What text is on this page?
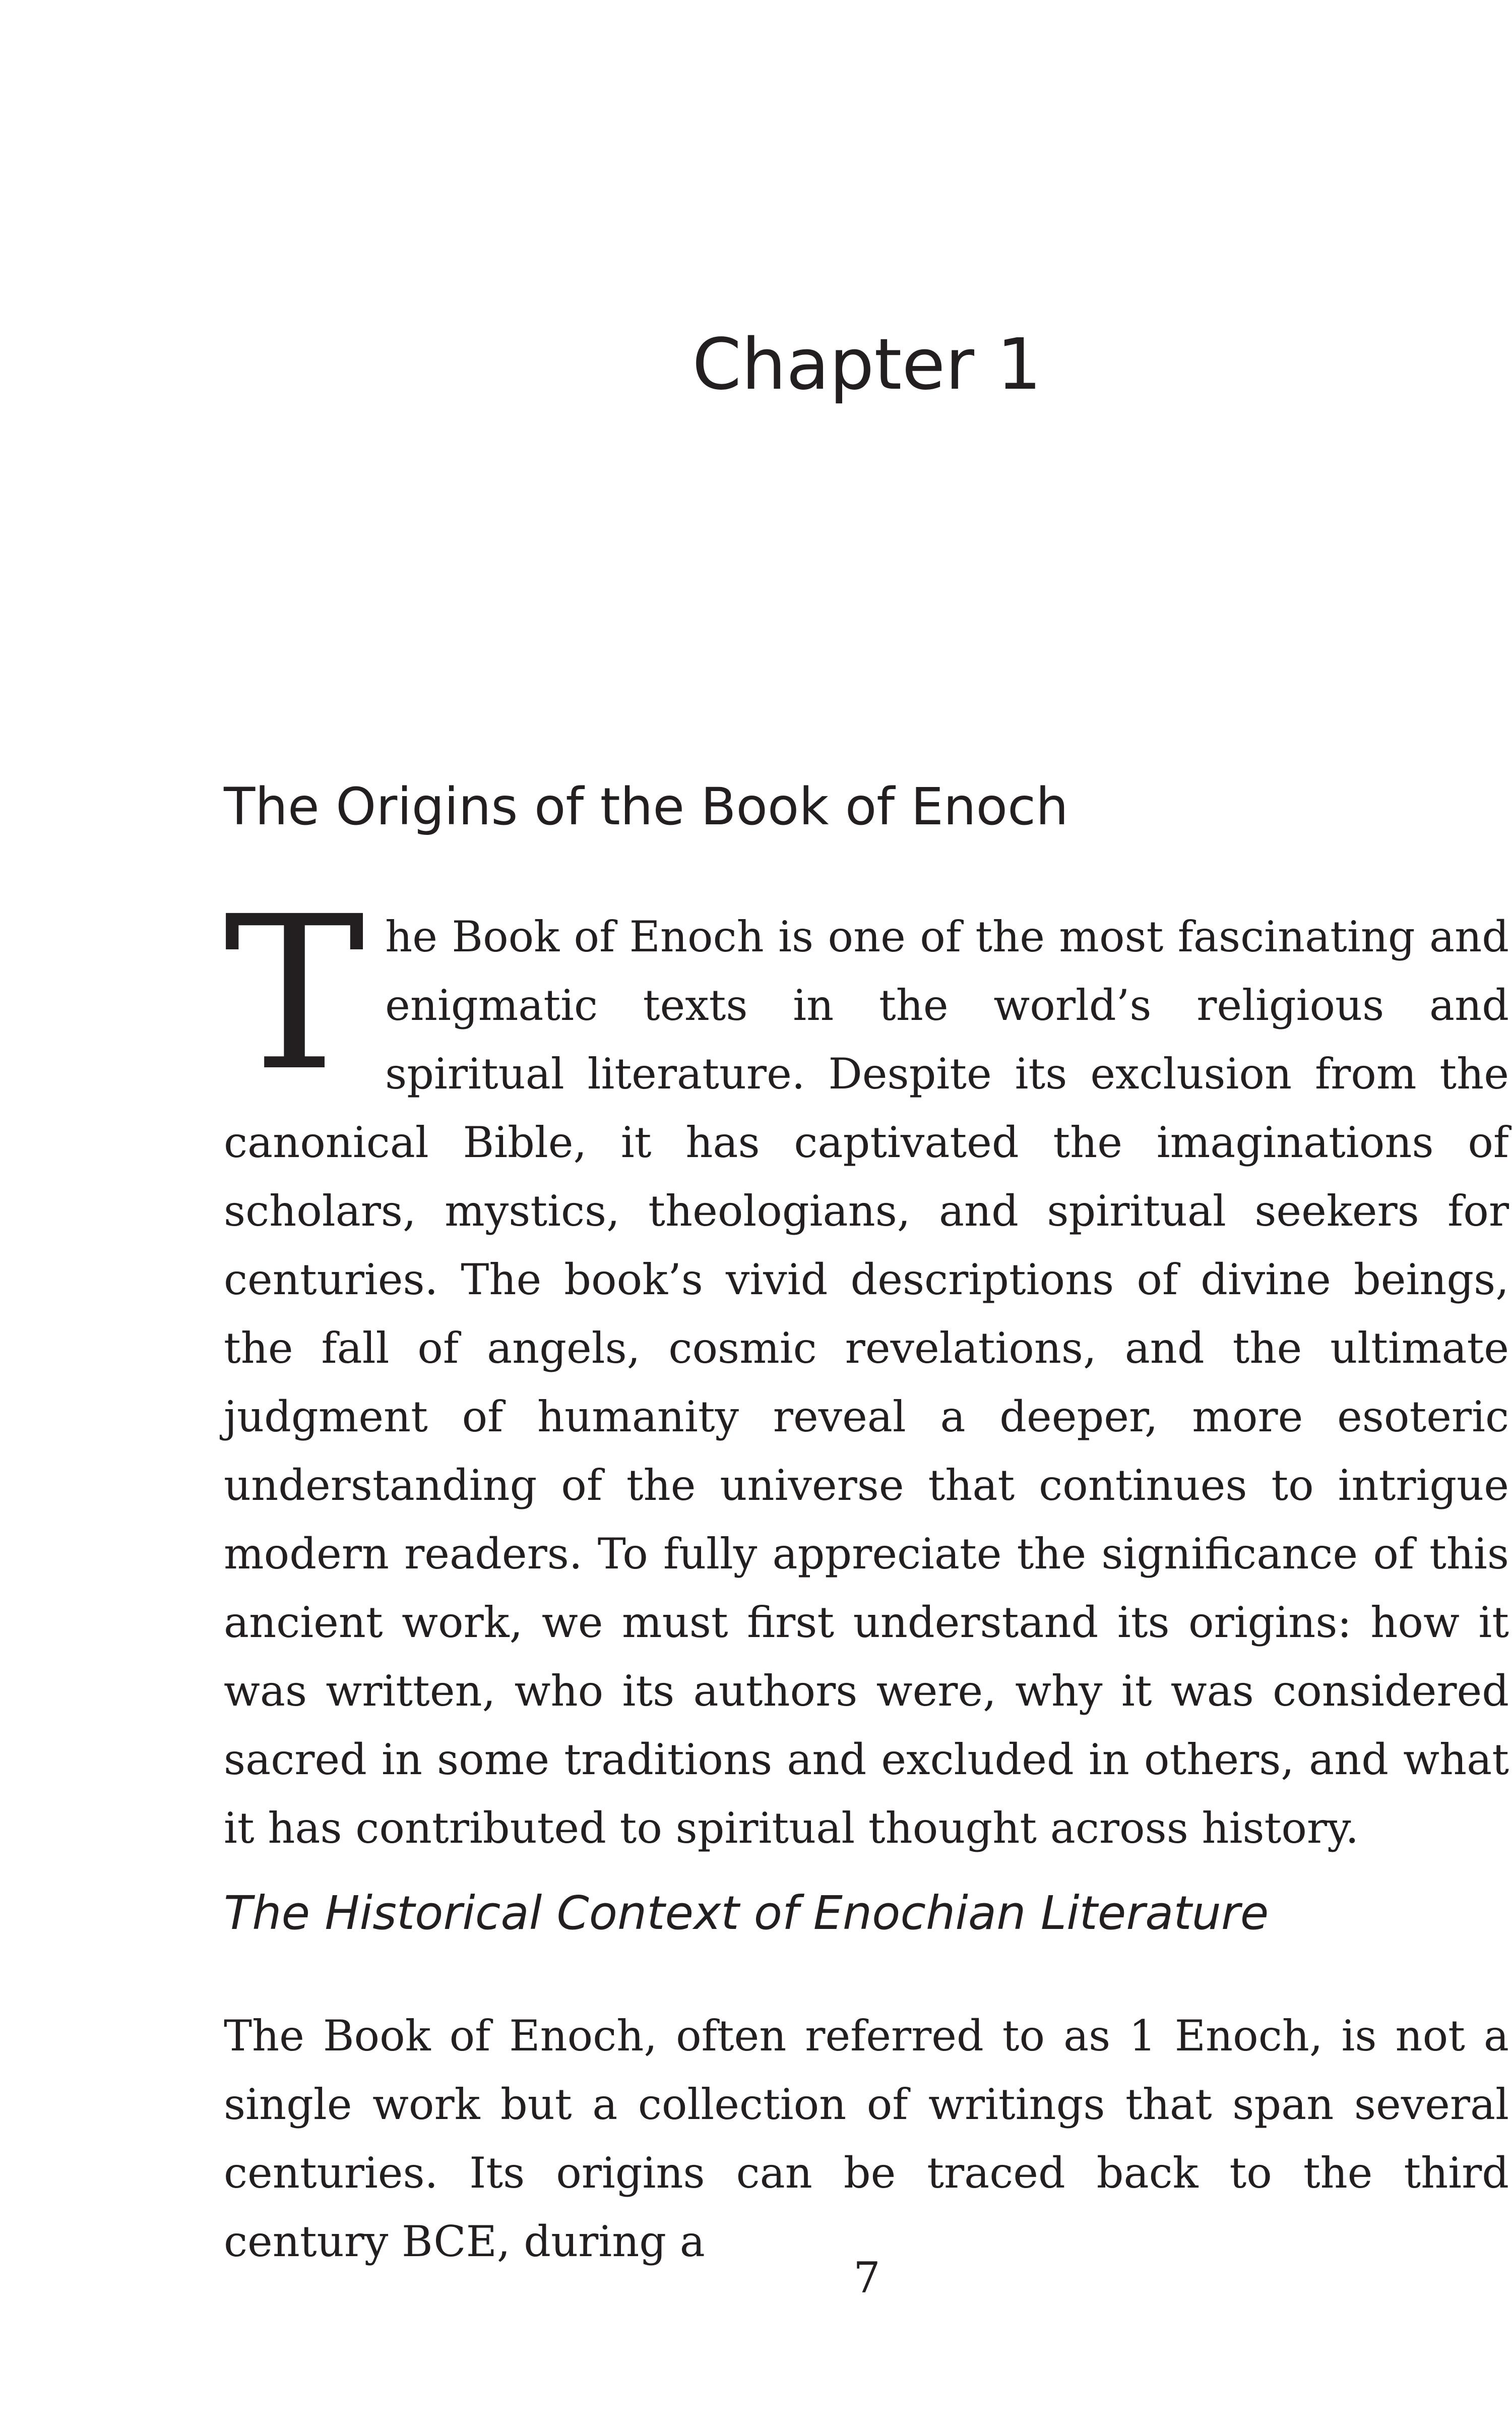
Chapter 1
The Origins of the Book of Enoch

The Book of Enoch is one of the most fascinating and enigmatic texts in the world’s religious and spiritual literature. Despite its exclusion from the canonical Bible, it has captivated the imaginations of scholars, mystics, theologians, and spiritual seekers for centuries. The book’s vivid descriptions of divine beings, the fall of angels, cosmic revelations, and the ultimate judgment of humanity reveal a deeper, more esoteric understanding of the universe that continues to intrigue modern readers. To fully appreciate the significance of this ancient work, we must first understand its origins: how it was written, who its authors were, why it was considered sacred in some traditions and excluded in others, and what it has contributed to spiritual thought across history.

The Historical Context of Enochian Literature

The Book of Enoch, often referred to as 1 Enoch, is not a single work but a collection of writings that span several centuries. Its origins can be traced back to the third century BCE, during a

7
